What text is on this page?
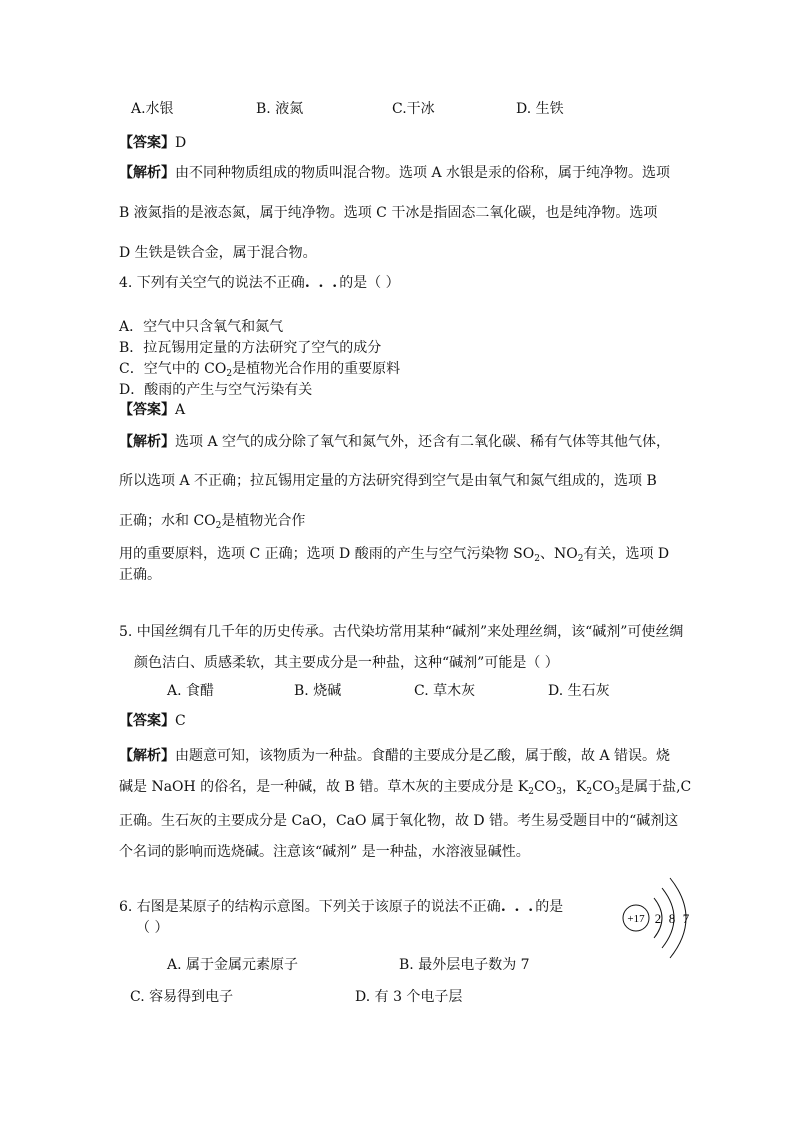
A.水银	B. 液氮	C.干冰	D. 生铁
【答案】D
【解析】由不同种物质组成的物质叫混合物。选项 A 水银是汞的俗称，属于纯净物。选项
B 液氮指的是液态氮，属于纯净物。选项 C 干冰是指固态二氧化碳，也是纯净物。选项
D 生铁是铁合金，属于混合物。
4. 下列有关空气的说法不正确. . .的是（ ）
A．空气中只含氧气和氮气
B．拉瓦锡用定量的方法研究了空气的成分
C．空气中的 $CO_2$是植物光合作用的重要原料
D．酸雨的产生与空气污染有关
【答案】A
【解析】选项 A 空气的成分除了氧气和氮气外，还含有二氧化碳、稀有气体等其他气体，
所以选项 A 不正确；拉瓦锡用定量的方法研究得到空气是由氧气和氮气组成的，选项 B
正确；水和 $CO_2$是植物光合作
用的重要原料，选项 C 正确；选项 D 酸雨的产生与空气污染物 $SO_2$、$NO_2$有关，选项 D
正确。
5. 中国丝绸有几千年的历史传承。古代染坊常用某种“碱剂”来处理丝绸，该“碱剂”可使丝绸
颜色洁白、质感柔软，其主要成分是一种盐，这种“碱剂”可能是（ ）
A. 食醋	B. 烧碱	C. 草木灰	D. 生石灰
【答案】C
【解析】由题意可知，该物质为一种盐。食醋的主要成分是乙酸，属于酸，故 A 错误。烧
碱是 NaOH 的俗名，是一种碱，故 B 错。草木灰的主要成分是 $K_2CO_3$，$K_2CO_3$是属于盐,C
正确。生石灰的主要成分是 CaO，CaO 属于氧化物，故 D 错。考生易受题目中的“碱剂这
个名词的影响而选烧碱。注意该“碱剂” 是一种盐，水溶液显碱性。
6. 右图是某原子的结构示意图。下列关于该原子的说法不正确. . .的是
（ ）
+17 2 8 7
A. 属于金属元素原子	B. 最外层电子数为 7
C. 容易得到电子	D. 有 3 个电子层
